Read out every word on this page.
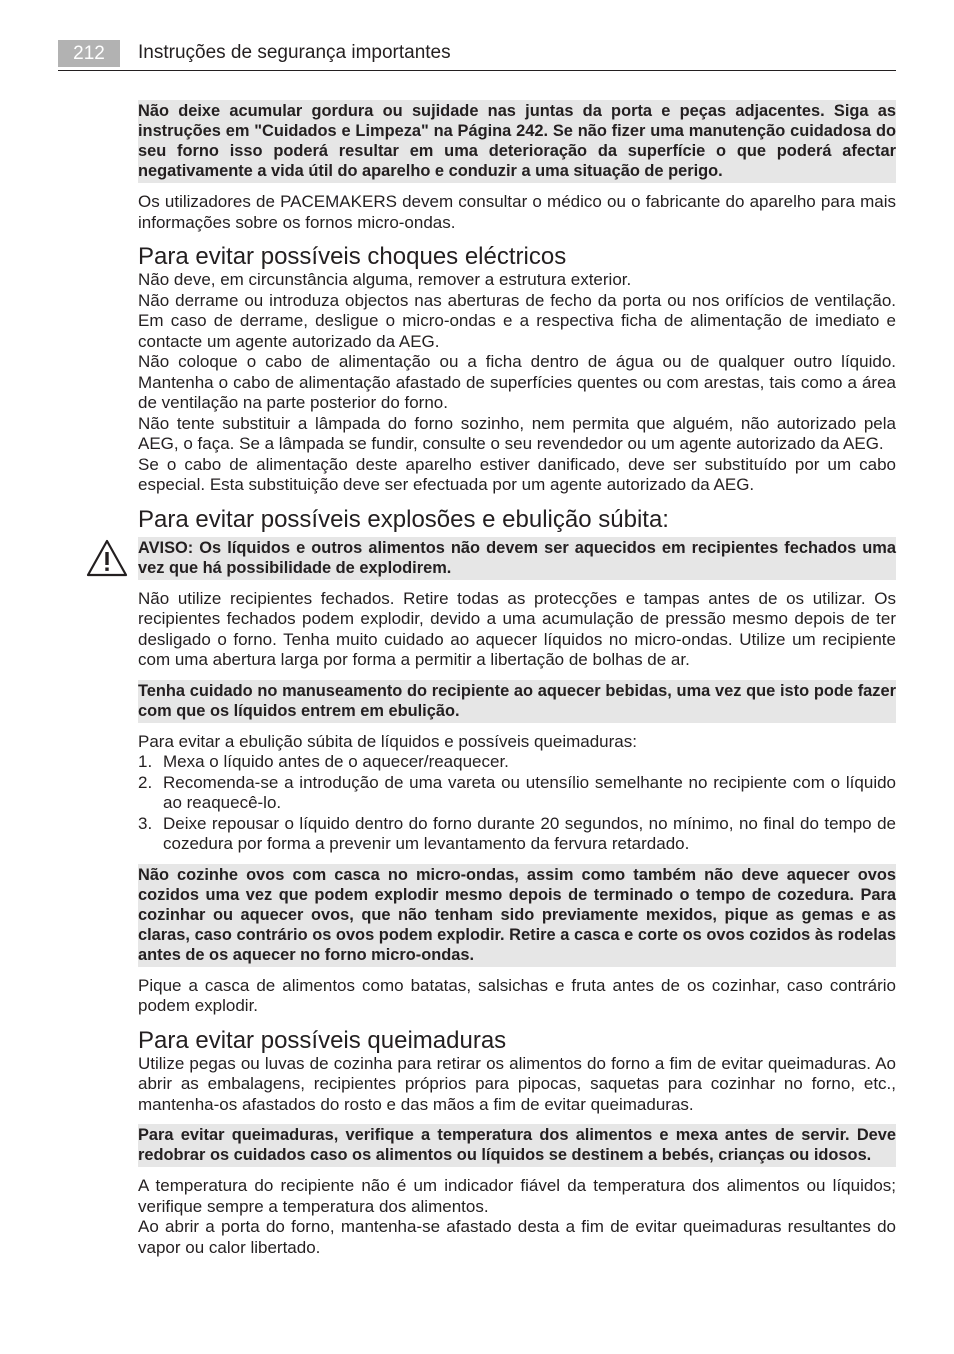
212	Instruções de segurança importantes

Não deixe acumular gordura ou sujidade nas juntas da porta e peças adjacentes. Siga as instruções em "Cuidados e Limpeza" na Página 242. Se não fizer uma manutenção cuidadosa do seu forno isso poderá resultar em uma deterioração da superfície o que poderá afectar negativamente a vida útil do aparelho e conduzir a uma situação de perigo.

Os utilizadores de PACEMAKERS devem consultar o médico ou o fabricante do aparelho para mais informações sobre os fornos micro-ondas.

Para evitar possíveis choques eléctricos

Não deve, em circunstância alguma, remover a estrutura exterior.

Não derrame ou introduza objectos nas aberturas de fecho da porta ou nos orifícios de ventilação. Em caso de derrame, desligue o micro-ondas e a respectiva ficha de alimentação de imediato e contacte um agente autorizado da AEG.

Não coloque o cabo de alimentação ou a ficha dentro de água ou de qualquer outro líquido. Mantenha o cabo de alimentação afastado de superfícies quentes ou com arestas, tais como a área de ventilação na parte posterior do forno.

Não tente substituir a lâmpada do forno sozinho, nem permita que alguém, não autorizado pela AEG, o faça. Se a lâmpada se fundir, consulte o seu revendedor ou um agente autorizado da AEG.

Se o cabo de alimentação deste aparelho estiver danificado, deve ser substituído por um cabo especial. Esta substituição deve ser efectuada por um agente autorizado da AEG.

Para evitar possíveis explosões e ebulição súbita:

AVISO: Os líquidos e outros alimentos não devem ser aquecidos em recipientes fechados uma vez que há possibilidade de explodirem.

Não utilize recipientes fechados. Retire todas as protecções e tampas antes de os utilizar. Os recipientes fechados podem explodir, devido a uma acumulação de pressão mesmo depois de ter desligado o forno. Tenha muito cuidado ao aquecer líquidos no micro-ondas. Utilize um recipiente com uma abertura larga por forma a permitir a libertação de bolhas de ar.

Tenha cuidado no manuseamento do recipiente ao aquecer bebidas, uma vez que isto pode fazer com que os líquidos entrem em ebulição.

Para evitar a ebulição súbita de líquidos e possíveis queimaduras:

1. Mexa o líquido antes de o aquecer/reaquecer.
2. Recomenda-se a introdução de uma vareta ou utensílio semelhante no recipiente com o líquido ao reaquecê-lo.
3. Deixe repousar o líquido dentro do forno durante 20 segundos, no mínimo, no final do tempo de cozedura por forma a prevenir um levantamento da fervura retardado.

Não cozinhe ovos com casca no micro-ondas, assim como também não deve aquecer ovos cozidos uma vez que podem explodir mesmo depois de terminado o tempo de cozedura. Para cozinhar ou aquecer ovos, que não tenham sido previamente mexidos, pique as gemas e as claras, caso contrário os ovos podem explodir. Retire a casca e corte os ovos cozidos às rodelas antes de os aquecer no forno micro-ondas.

Pique a casca de alimentos como batatas, salsichas e fruta antes de os cozinhar, caso contrário podem explodir.

Para evitar possíveis queimaduras

Utilize pegas ou luvas de cozinha para retirar os alimentos do forno a fim de evitar queimaduras. Ao abrir as embalagens, recipientes próprios para pipocas, saquetas para cozinhar no forno, etc., mantenha-os afastados do rosto e das mãos a fim de evitar queimaduras.

Para evitar queimaduras, verifique a temperatura dos alimentos e mexa antes de servir. Deve redobrar os cuidados caso os alimentos ou líquidos se destinem a bebés, crianças ou idosos.

A temperatura do recipiente não é um indicador fiável da temperatura dos alimentos ou líquidos; verifique sempre a temperatura dos alimentos.

Ao abrir a porta do forno, mantenha-se afastado desta a fim de evitar queimaduras resultantes do vapor ou calor libertado.
